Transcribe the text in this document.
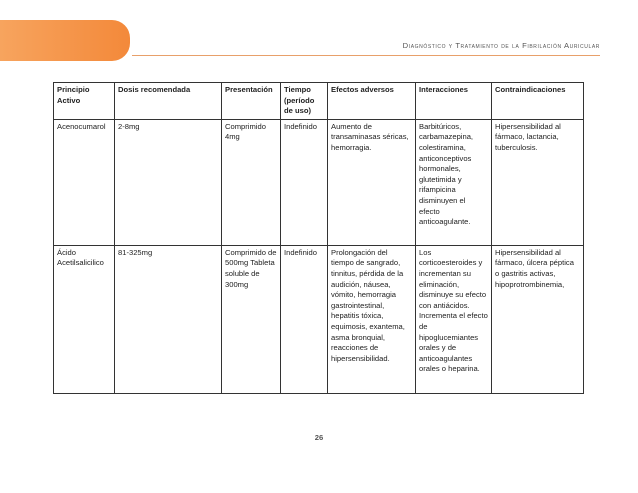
Diagnóstico y Tratamiento de la Fibrilación Auricular
Principio Activo	Dosis recomendada	Presentación	Tiempo (período de uso)	Efectos adversos	Interacciones	Contraindicaciones
Acenocumarol	2-8mg	Comprimido 4mg	Indefinido	Aumento de transaminasas séricas, hemorragia.	Barbitúricos, carbamazepina, colestiramina, anticonceptivos hormonales, glutetimida y rifampicina disminuyen el efecto anticoagulante.	Hipersensibilidad al fármaco, lactancia, tuberculosis.
Ácido Acetilsalicilico	81-325mg	Comprimido de 500mg Tableta soluble de 300mg	Indefinido	Prolongación del tiempo de sangrado, tinnitus, pérdida de la audición, náusea, vómito, hemorragia gastrointestinal, hepatitis tóxica, equimosis, exantema, asma bronquial, reacciones de hipersensibilidad.	Los corticoesteroides y incrementan su eliminación, disminuye su efecto con antiácidos. Incrementa el efecto de hipoglucemiantes orales y de anticoagulantes orales o heparina.	Hipersensibilidad al fármaco, úlcera péptica o gastritis activas, hipoprotrombinemia,
26
